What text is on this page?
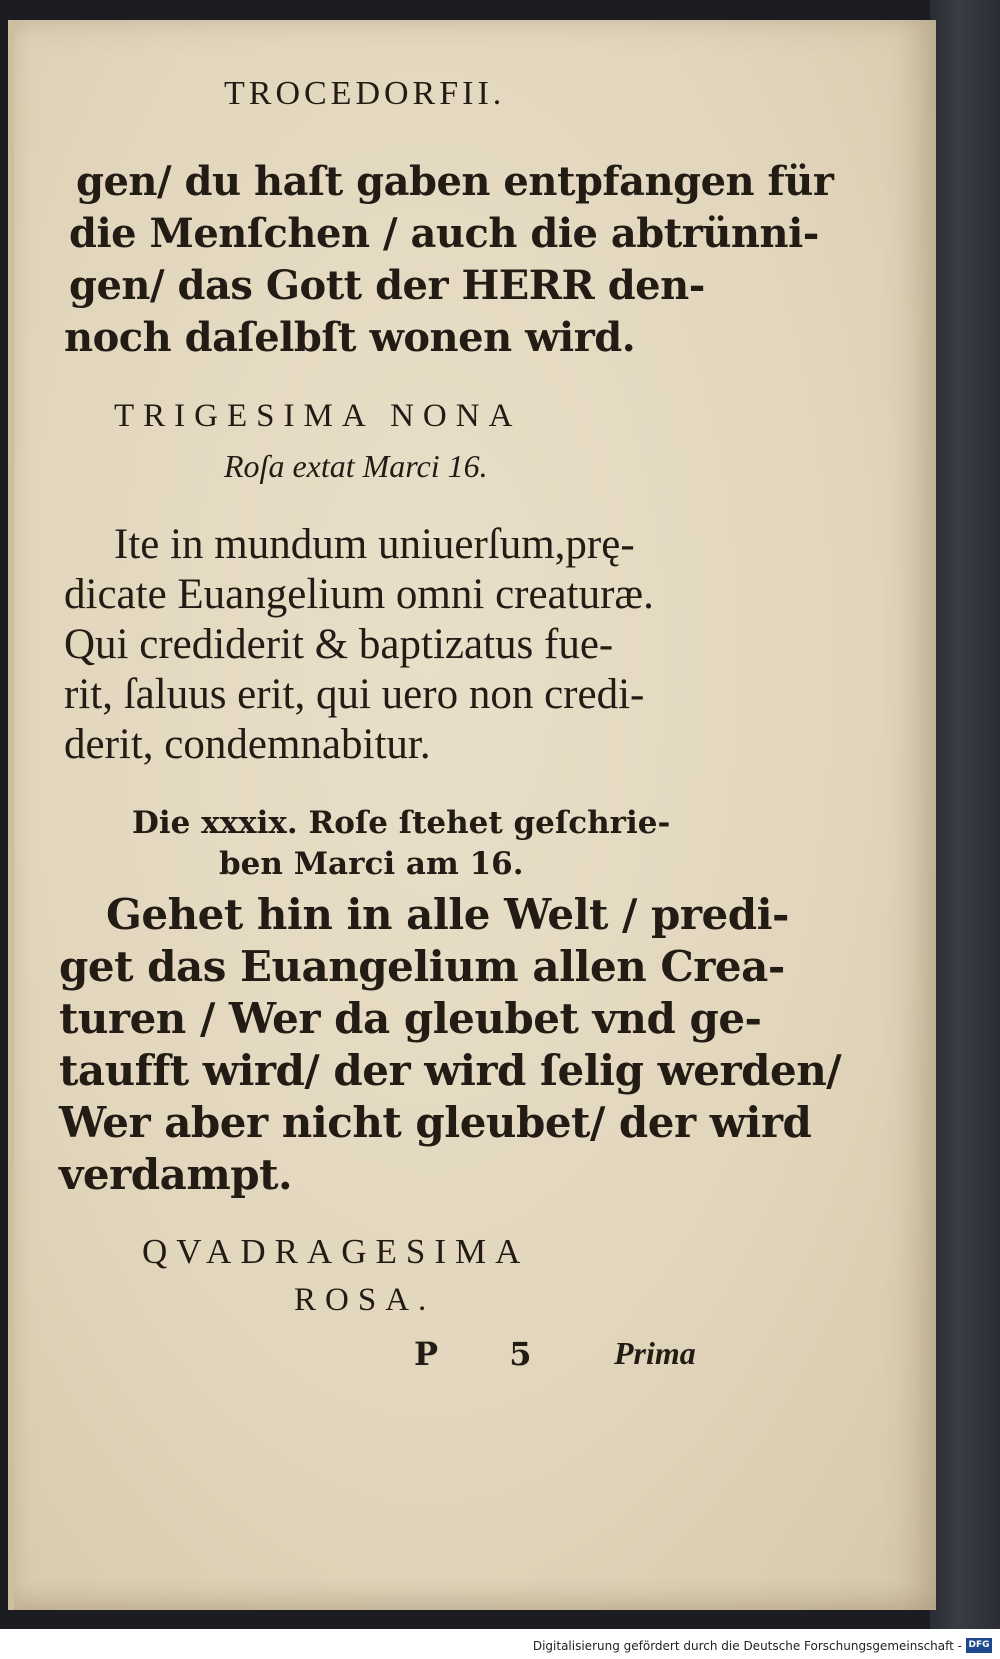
TROCEDORFII.
gen/ du haſt gaben entpfangen für
die Menſchen / auch die abtrünni-
gen/ das Gott der HERR den-
noch daſelbſt wonen wird.
TRIGESIMA NONA
Roſa extat Marci 16.
Ite in mundum uniuerſum,prę-
dicate Euangelium omni creaturæ.
Qui crediderit & baptizatus fue-
rit, ſaluus erit, qui uero non credi-
derit, condemnabitur.
Die xxxix. Roſe ſtehet geſchrie-
ben Marci am 16.
Gehet hin in alle Welt / predi-
get das Euangelium allen Crea-
turen / Wer da gleubet vnd ge-
taufft wird/ der wird ſelig werden/
Wer aber nicht gleubet/ der wird
verdampt.
QVADRAGESIMA
ROSA.
P 5 Prima
Digitalisierung gefördert durch die Deutsche Forschungsgemeinschaft - DFG
